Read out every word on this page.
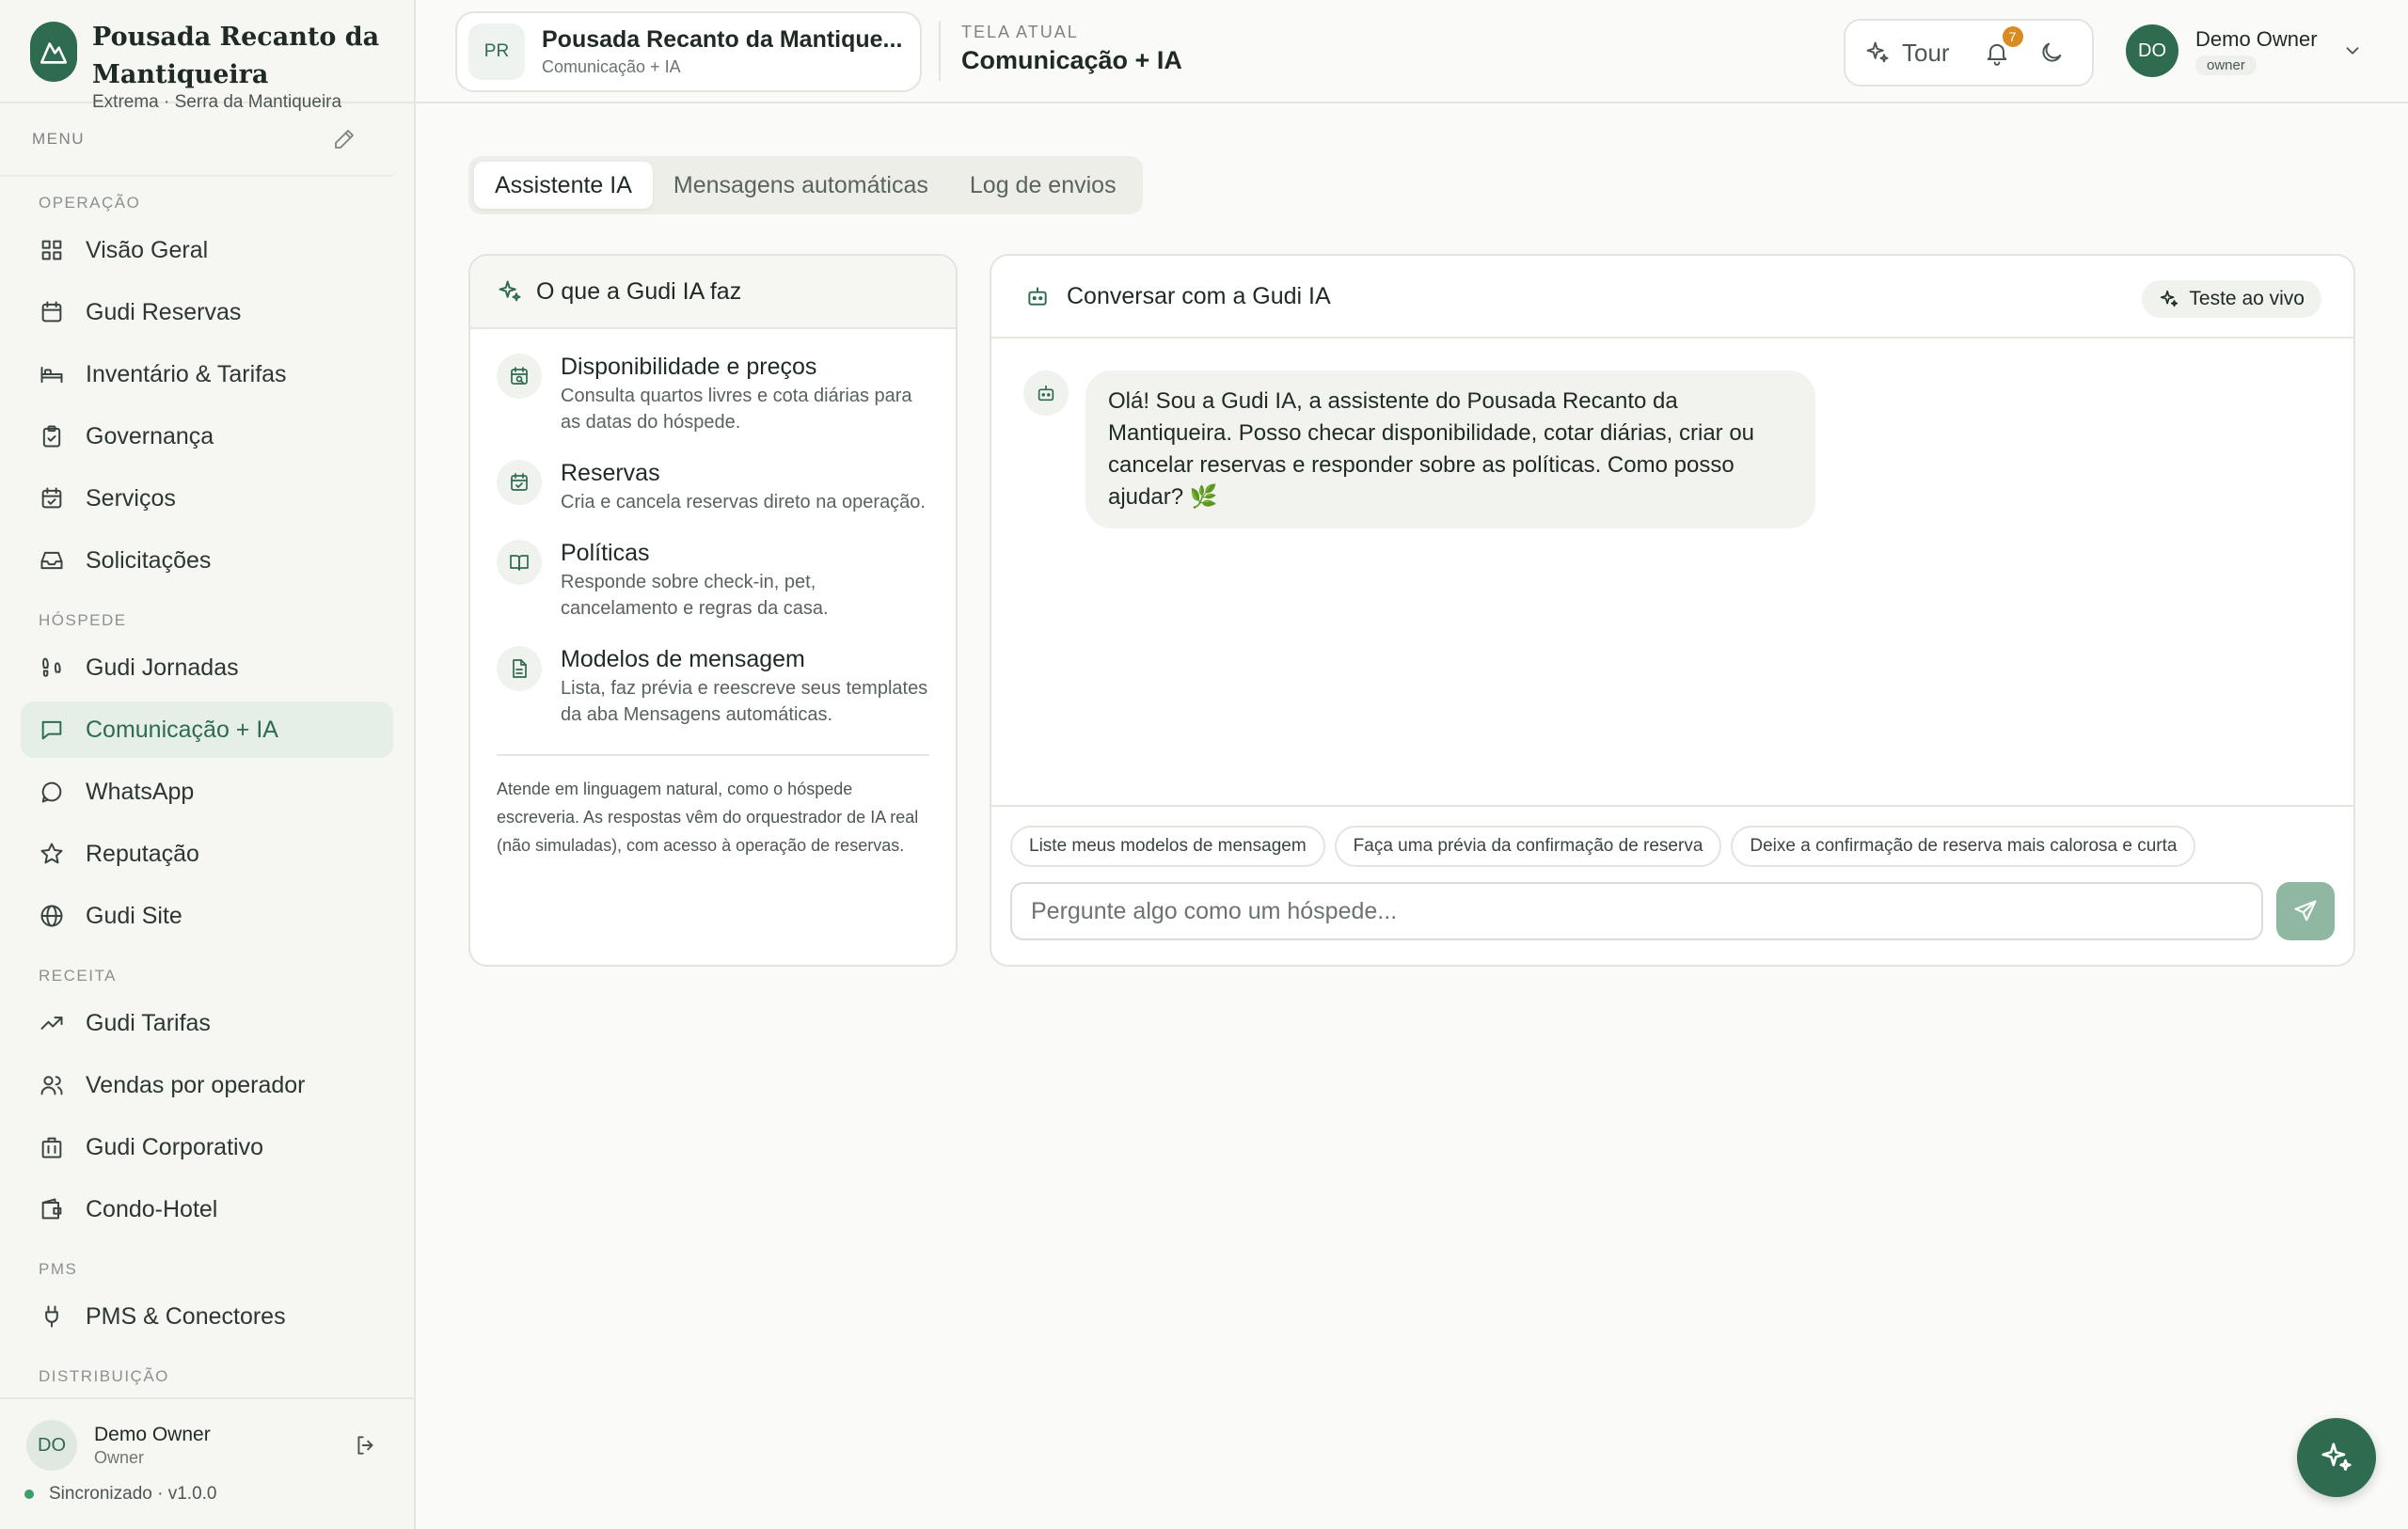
Pousada Recanto da Mantiqueira
Extrema · Serra da Mantiqueira
MENU
OPERAÇÃO
Visão Geral
Gudi Reservas
Inventário & Tarifas
Governança
Serviços
Solicitações
HÓSPEDE
Gudi Jornadas
Comunicação + IA
WhatsApp
Reputação
Gudi Site
RECEITA
Gudi Tarifas
Vendas por operador
Gudi Corporativo
Condo-Hotel
PMS
PMS & Conectores
DISTRIBUIÇÃO
DO	Demo Owner
Owner
Sincronizado · v1.0.0
PR	Pousada Recanto da Mantique...
Comunicação + IA
TELA ATUAL
Comunicação + IA	Tour
7
DO	Demo Owner
owner
Assistente IA	Mensagens automáticas	Log de envios
O que a Gudi IA faz
Disponibilidade e preços
Consulta quartos livres e cota diárias para as datas do hóspede.
Reservas
Cria e cancela reservas direto na operação.
Políticas
Responde sobre check-in, pet, cancelamento e regras da casa.
Modelos de mensagem
Lista, faz prévia e reescreve seus templates da aba Mensagens automáticas.
Atende em linguagem natural, como o hóspede escreveria. As respostas vêm do orquestrador de IA real (não simuladas), com acesso à operação de reservas.
Conversar com a Gudi IA	Teste ao vivo
Olá! Sou a Gudi IA, a assistente do Pousada Recanto da Mantiqueira. Posso checar disponibilidade, cotar diárias, criar ou cancelar reservas e responder sobre as políticas. Como posso ajudar? 🌿
Liste meus modelos de mensagem	Faça uma prévia da confirmação de reserva	Deixe a confirmação de reserva mais calorosa e curta
Pergunte algo como um hóspede...
